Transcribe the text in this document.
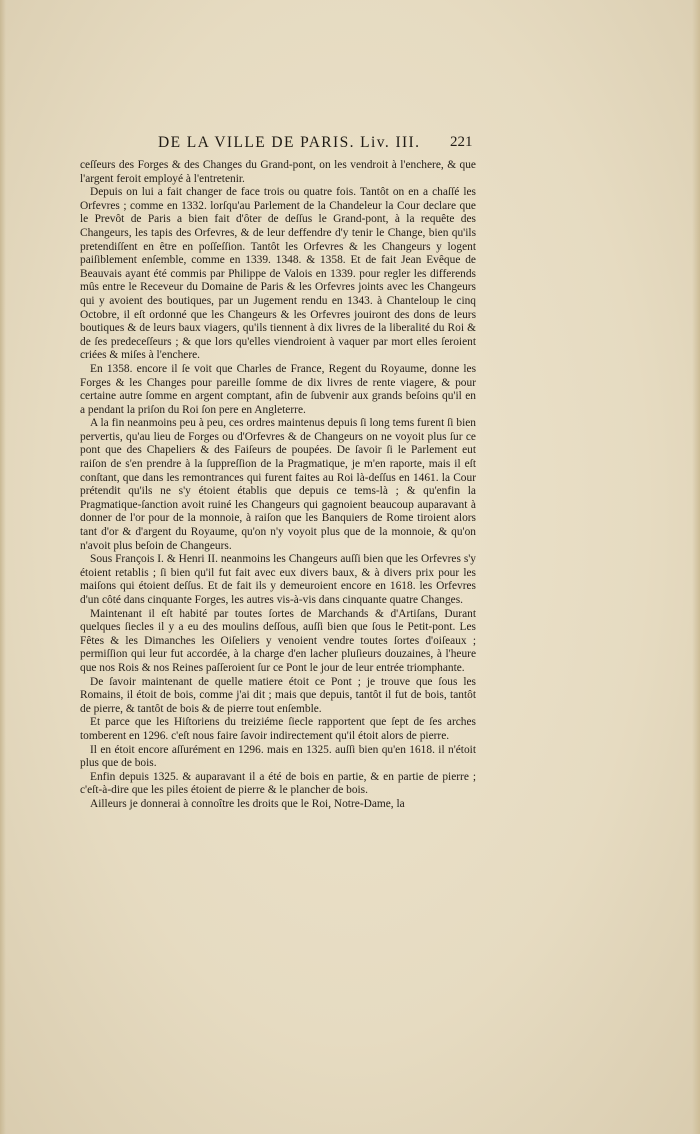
DE LA VILLE DE PARIS. Liv. III. 221

ceſſeurs des Forges & des Changes du Grand-pont, on les vendroit à l'enchere, & que l'argent feroit employé à l'entretenir.

Depuis on lui a fait changer de face trois ou quatre fois. Tantôt on en a chaſſé les Orfevres ; comme en 1332. lorſqu'au Parlement de la Chandeleur la Cour declare que le Prevôt de Paris a bien fait d'ôter de deſſus le Grand-pont, à la requête des Changeurs, les tapis des Orfevres, & de leur deffendre d'y tenir le Change, bien qu'ils pretendiſſent en être en poſſeſſion. Tantôt les Orfevres & les Changeurs y logent paiſiblement enſemble, comme en 1339. 1348. & 1358. Et de fait Jean Evêque de Beauvais ayant été commis par Philippe de Valois en 1339. pour regler les differends mûs entre le Receveur du Domaine de Paris & les Orfevres joints avec les Changeurs qui y avoient des boutiques, par un Jugement rendu en 1343. à Chanteloup le cinq Octobre, il eſt ordonné que les Changeurs & les Orfevres jouiront des dons de leurs boutiques & de leurs baux viagers, qu'ils tiennent à dix livres de la liberalité du Roi & de ſes predeceſſeurs ; & que lors qu'elles viendroient à vaquer par mort elles ſeroient criées & miſes à l'enchere.

En 1358. encore il ſe voit que Charles de France, Regent du Royaume, donne les Forges & les Changes pour pareille ſomme de dix livres de rente viagere, & pour certaine autre ſomme en argent comptant, afin de ſubvenir aux grands beſoins qu'il en a pendant la priſon du Roi ſon pere en Angleterre.

A la fin neanmoins peu à peu, ces ordres maintenus depuis ſi long tems furent ſi bien pervertis, qu'au lieu de Forges ou d'Orfevres & de Changeurs on ne voyoit plus ſur ce pont que des Chapeliers & des Faiſeurs de poupées. De ſavoir ſi le Parlement eut raiſon de s'en prendre à la ſuppreſſion de la Pragmatique, je m'en raporte, mais il eſt conſtant, que dans les remontrances qui furent faites au Roi là-deſſus en 1461. la Cour prétendit qu'ils ne s'y étoient établis que depuis ce tems-là ; & qu'enfin la Pragmatique-ſanction avoit ruiné les Changeurs qui gagnoient beaucoup auparavant à donner de l'or pour de la monnoie, à raiſon que les Banquiers de Rome tiroient alors tant d'or & d'argent du Royaume, qu'on n'y voyoit plus que de la monnoie, & qu'on n'avoit plus beſoin de Changeurs.

Sous François I. & Henri II. neanmoins les Changeurs auſſi bien que les Orfevres s'y étoient retablis ; ſi bien qu'il fut fait avec eux divers baux, & à divers prix pour les maiſons qui étoient deſſus. Et de fait ils y demeuroient encore en 1618. les Orfevres d'un côté dans cinquante Forges, les autres vis-à-vis dans cinquante quatre Changes.

Maintenant il eſt habité par toutes ſortes de Marchands & d'Artiſans, Durant quelques ſiecles il y a eu des moulins deſſous, auſſi bien que ſous le Petit-pont. Les Fêtes & les Dimanches les Oiſeliers y venoient vendre toutes ſortes d'oiſeaux ; permiſſion qui leur fut accordée, à la charge d'en lacher pluſieurs douzaines, à l'heure que nos Rois & nos Reines paſſeroient ſur ce Pont le jour de leur entrée triomphante.

De ſavoir maintenant de quelle matiere étoit ce Pont ; je trouve que ſous les Romains, il étoit de bois, comme j'ai dit ; mais que depuis, tantôt il fut de bois, tantôt de pierre, & tantôt de bois & de pierre tout enſemble.

Et parce que les Hiſtoriens du treiziéme ſiecle rapportent que ſept de ſes arches tomberent en 1296. c'eſt nous faire ſavoir indirectement qu'il étoit alors de pierre.

Il en étoit encore aſſurément en 1296. mais en 1325. auſſi bien qu'en 1618. il n'étoit plus que de bois.

Enfin depuis 1325. & auparavant il a été de bois en partie, & en partie de pierre ; c'eſt-à-dire que les piles étoient de pierre & le plancher de bois.

Ailleurs je donnerai à connoître les droits que le Roi, Notre-Dame, la
